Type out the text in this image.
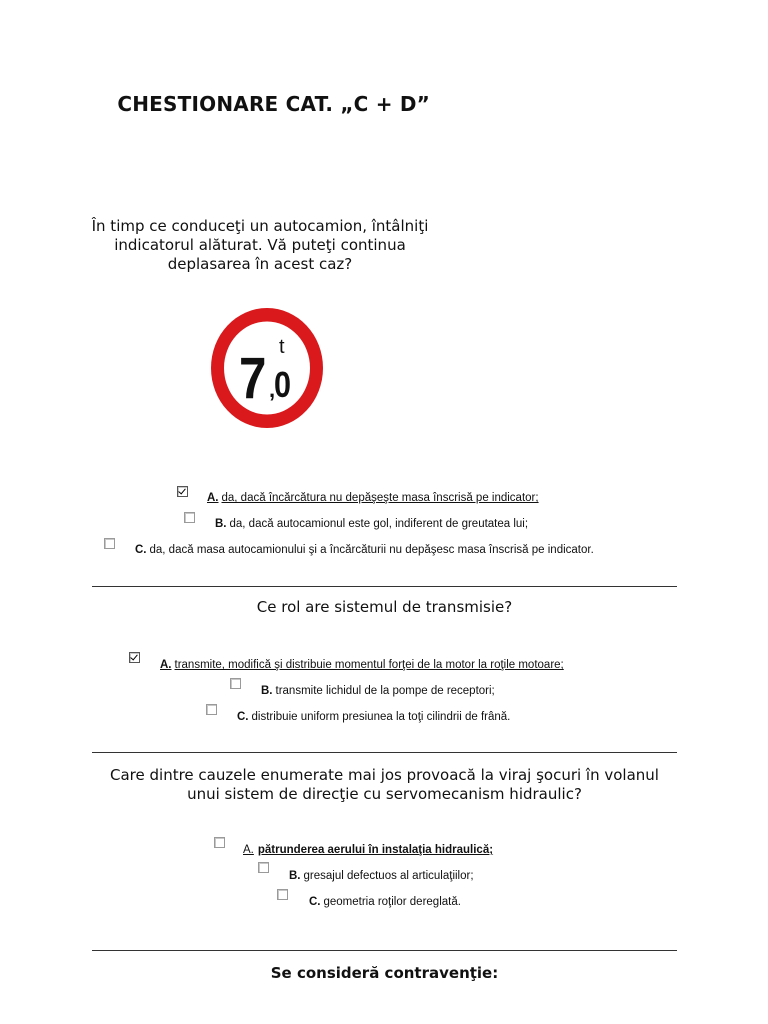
CHESTIONARE CAT. „C + D”
În timp ce conduceţi un autocamion, întâlniţi indicatorul alăturat. Vă puteţi continua deplasarea în acest caz?
7 ,
0
t
A. da, dacă încărcătura nu depăşeşte masa înscrisă pe indicator;
B. da, dacă autocamionul este gol, indiferent de greutatea lui;
C. da, dacă masa autocamionului şi a încărcăturii nu depăşesc masa înscrisă pe indicator.
Ce rol are sistemul de transmisie?
A. transmite, modifică şi distribuie momentul forţei de la motor la roţile motoare;
B. transmite lichidul de la pompe de receptori;
C. distribuie uniform presiunea la toţi cilindrii de frână.
Care dintre cauzele enumerate mai jos provoacă la viraj şocuri în volanul unui sistem de direcţie cu servomecanism hidraulic?
A. pătrunderea aerului în instalaţia hidraulică;
B. gresajul defectuos al articulaţiilor;
C. geometria roţilor dereglată.
Se consideră contravenţie:
